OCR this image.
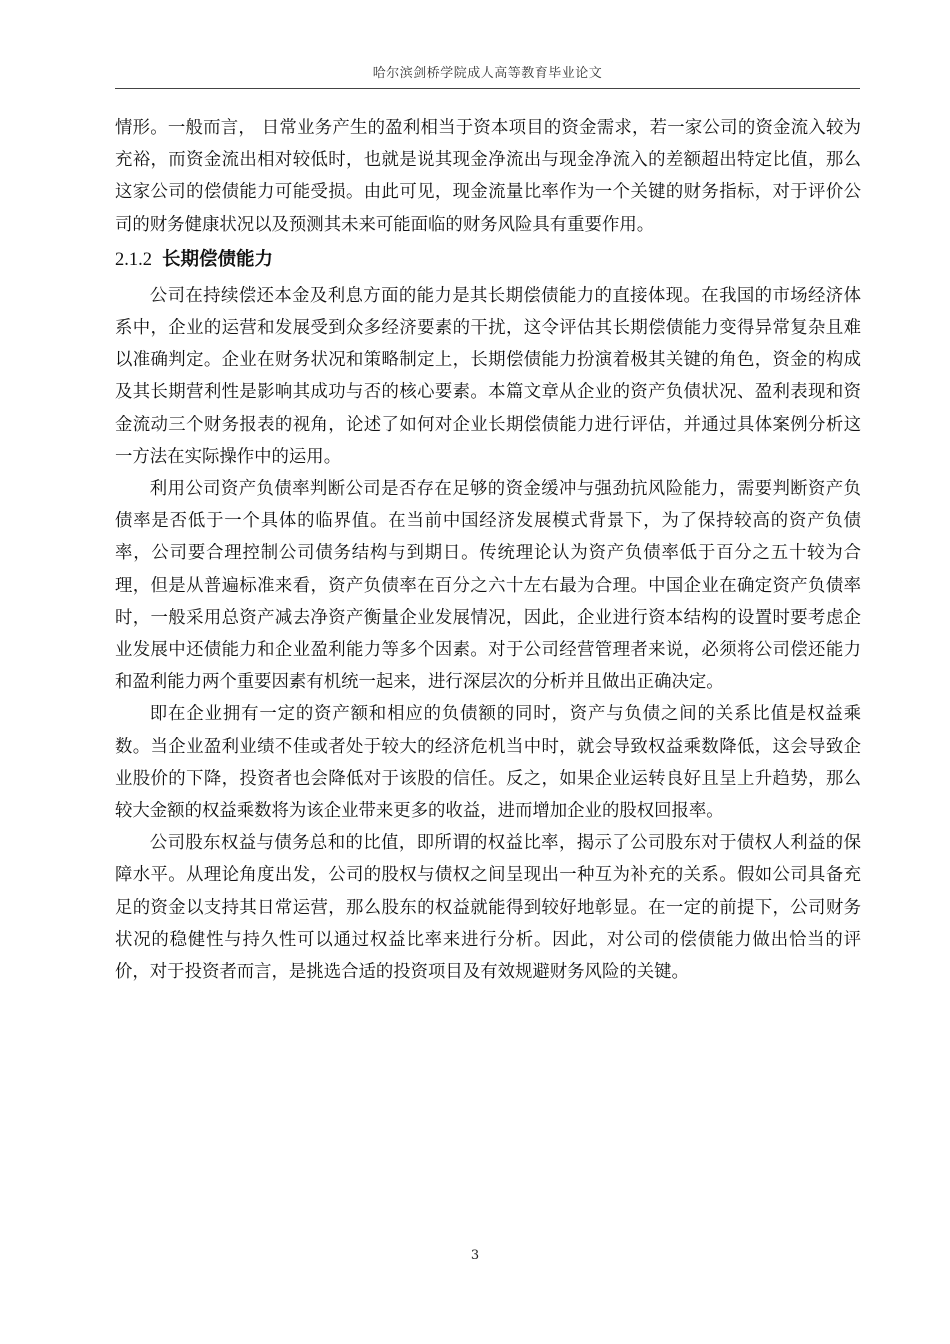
哈尔滨剑桥学院成人高等教育毕业论文

情形。一般而言， 日常业务产生的盈利相当于资本项目的资金需求，若一家公司的资金流入较为充裕，而资金流出相对较低时，也就是说其现金净流出与现金净流入的差额超出特定比值，那么这家公司的偿债能力可能受损。由此可见，现金流量比率作为一个关键的财务指标，对于评价公司的财务健康状况以及预测其未来可能面临的财务风险具有重要作用。

2.1.2 长期偿债能力

公司在持续偿还本金及利息方面的能力是其长期偿债能力的直接体现。在我国的市场经济体系中，企业的运营和发展受到众多经济要素的干扰，这令评估其长期偿债能力变得异常复杂且难以准确判定。企业在财务状况和策略制定上，长期偿债能力扮演着极其关键的角色，资金的构成及其长期营利性是影响其成功与否的核心要素。本篇文章从企业的资产负债状况、盈利表现和资金流动三个财务报表的视角，论述了如何对企业长期偿债能力进行评估，并通过具体案例分析这一方法在实际操作中的运用。

利用公司资产负债率判断公司是否存在足够的资金缓冲与强劲抗风险能力，需要判断资产负债率是否低于一个具体的临界值。在当前中国经济发展模式背景下，为了保持较高的资产负债率，公司要合理控制公司债务结构与到期日。传统理论认为资产负债率低于百分之五十较为合理，但是从普遍标准来看，资产负债率在百分之六十左右最为合理。中国企业在确定资产负债率时，一般采用总资产减去净资产衡量企业发展情况，因此，企业进行资本结构的设置时要考虑企业发展中还债能力和企业盈利能力等多个因素。对于公司经营管理者来说，必须将公司偿还能力和盈利能力两个重要因素有机统一起来，进行深层次的分析并且做出正确决定。

即在企业拥有一定的资产额和相应的负债额的同时，资产与负债之间的关系比值是权益乘数。当企业盈利业绩不佳或者处于较大的经济危机当中时，就会导致权益乘数降低，这会导致企业股价的下降，投资者也会降低对于该股的信任。反之，如果企业运转良好且呈上升趋势，那么较大金额的权益乘数将为该企业带来更多的收益，进而增加企业的股权回报率。

公司股东权益与债务总和的比值，即所谓的权益比率，揭示了公司股东对于债权人利益的保障水平。从理论角度出发，公司的股权与债权之间呈现出一种互为补充的关系。假如公司具备充足的资金以支持其日常运营，那么股东的权益就能得到较好地彰显。在一定的前提下，公司财务状况的稳健性与持久性可以通过权益比率来进行分析。因此，对公司的偿债能力做出恰当的评价，对于投资者而言，是挑选合适的投资项目及有效规避财务风险的关键。

3
